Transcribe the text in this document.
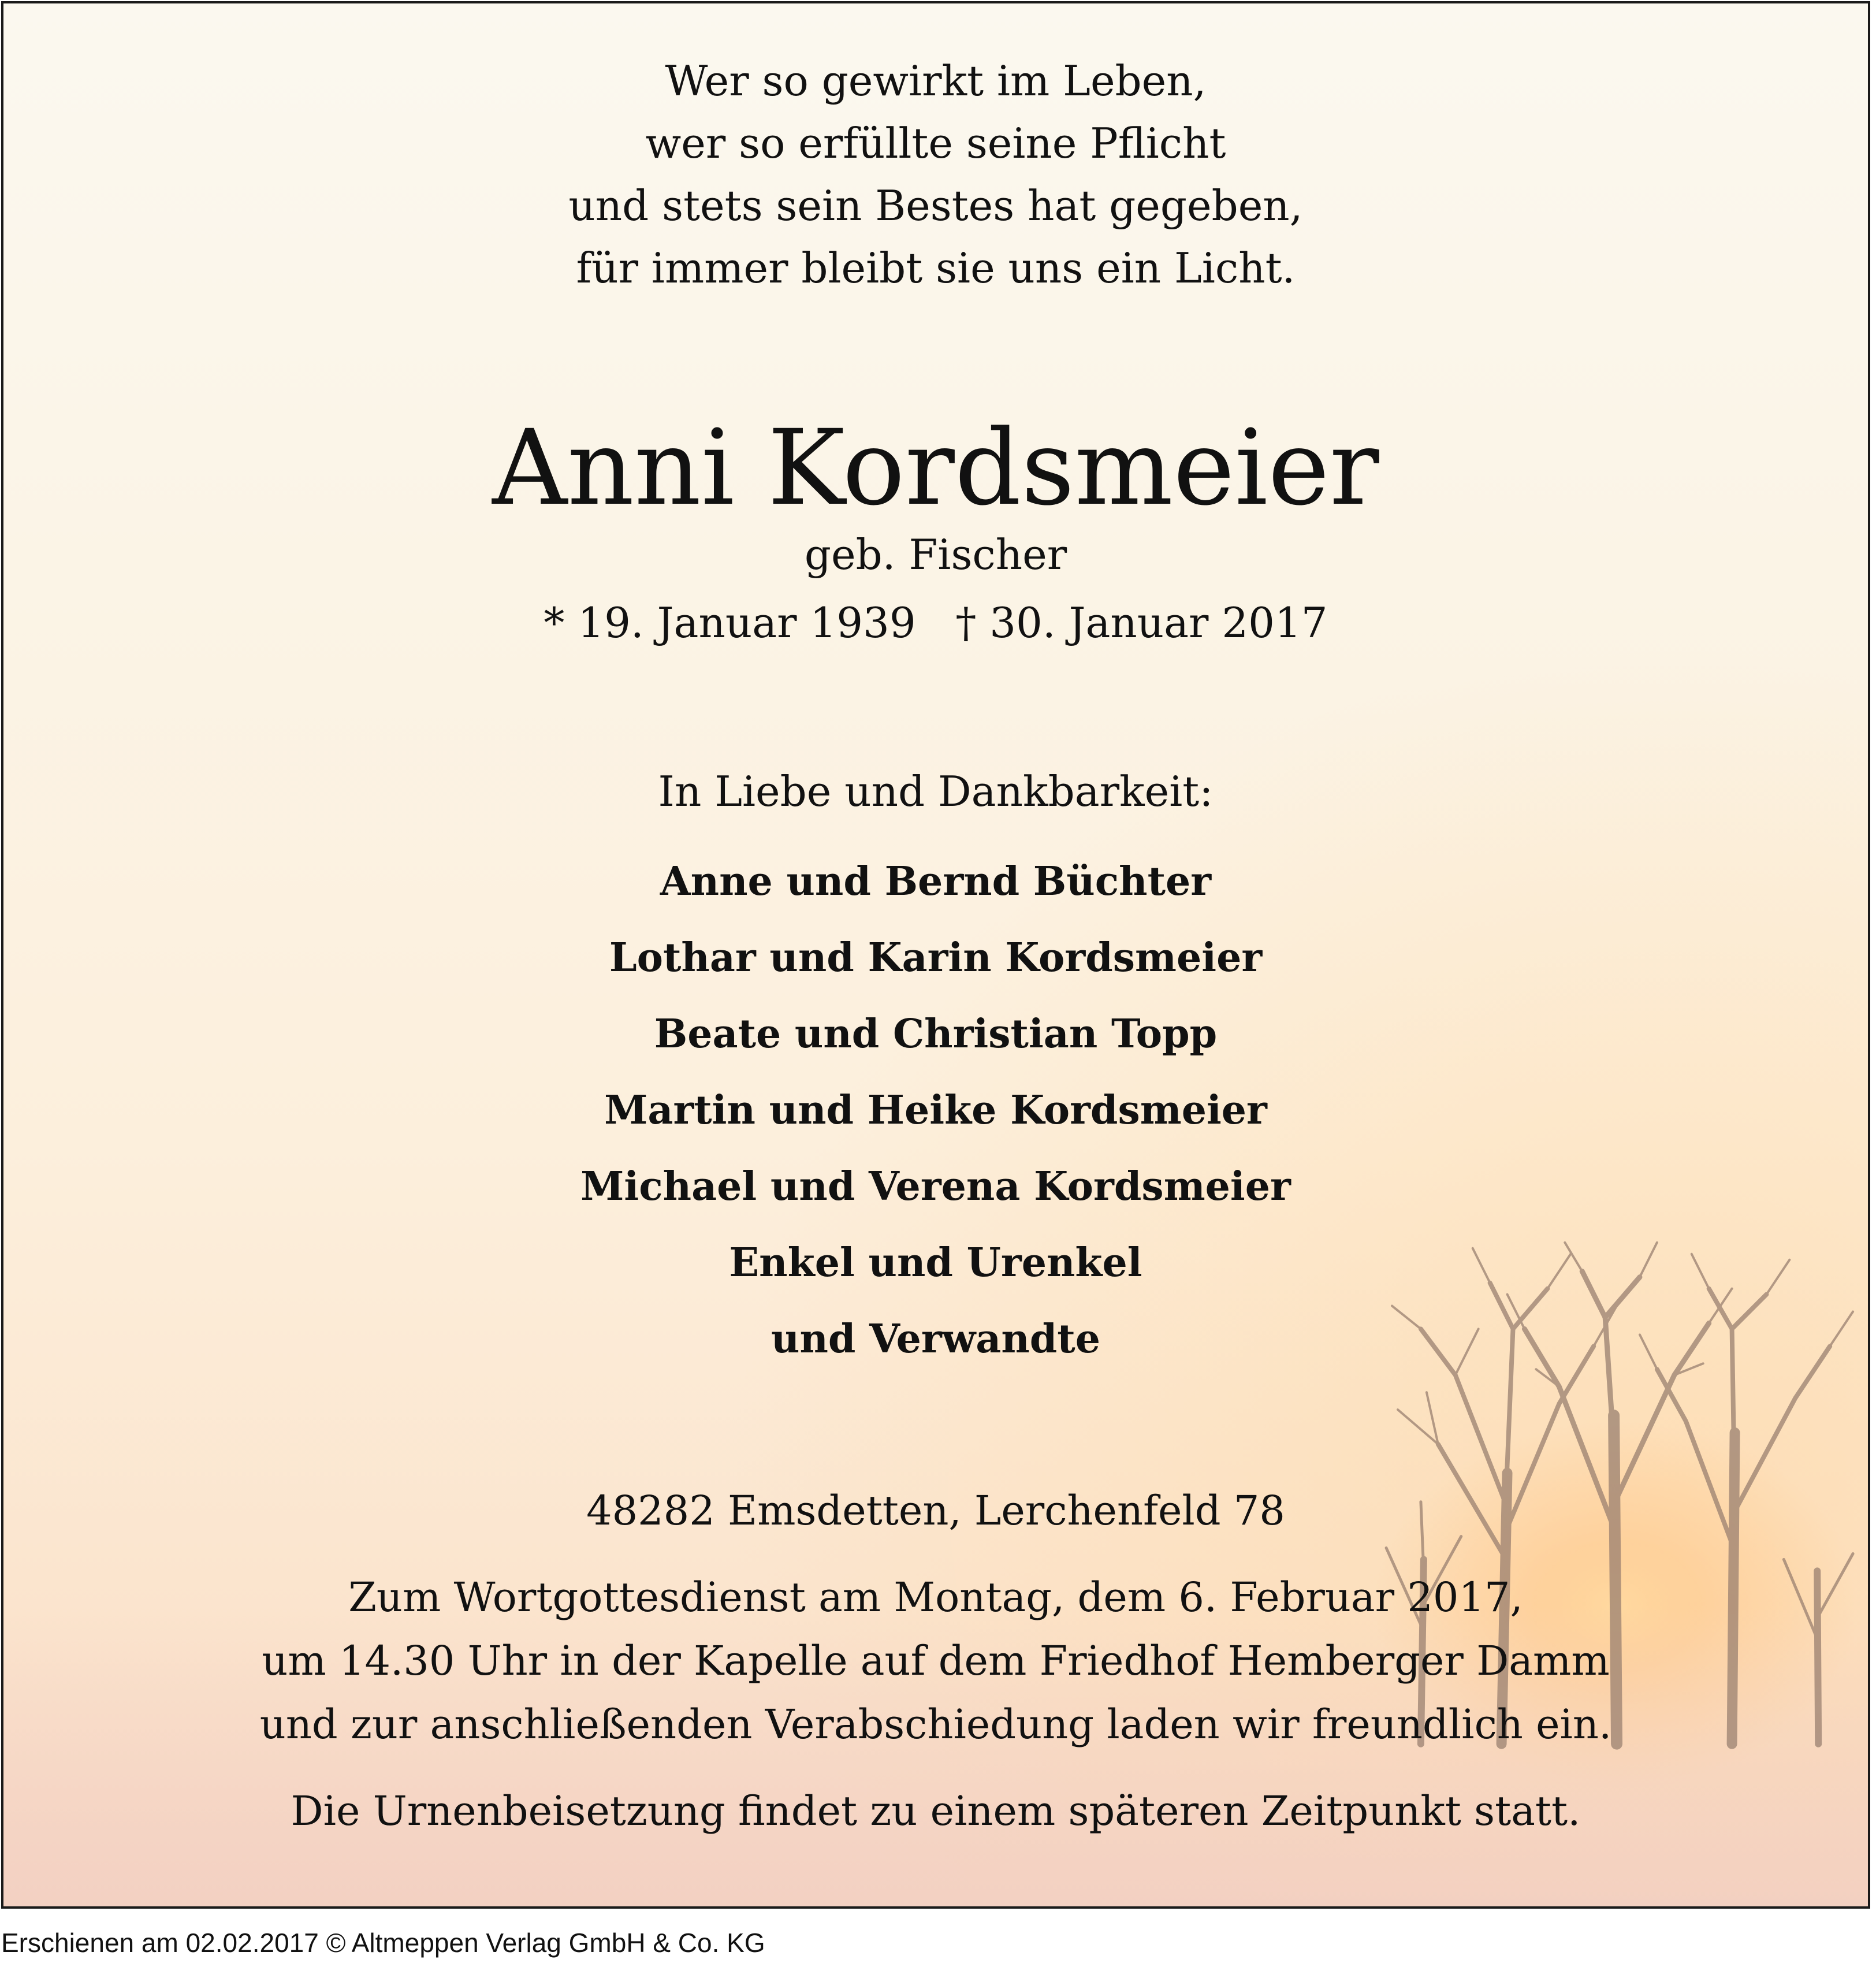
Wer so gewirkt im Leben,
wer so erfüllte seine Pflicht
und stets sein Bestes hat gegeben,
für immer bleibt sie uns ein Licht.
Anni Kordsmeier
geb. Fischer
* 19. Januar 1939   † 30. Januar 2017
In Liebe und Dankbarkeit:
Anne und Bernd Büchter
Lothar und Karin Kordsmeier
Beate und Christian Topp
Martin und Heike Kordsmeier
Michael und Verena Kordsmeier
Enkel und Urenkel
und Verwandte
48282 Emsdetten, Lerchenfeld 78
Zum Wortgottesdienst am Montag, dem 6. Februar 2017,
um 14.30 Uhr in der Kapelle auf dem Friedhof Hemberger Damm
und zur anschließenden Verabschiedung laden wir freundlich ein.
Die Urnenbeisetzung findet zu einem späteren Zeitpunkt statt.
Erschienen am 02.02.2017 © Altmeppen Verlag GmbH & Co. KG
